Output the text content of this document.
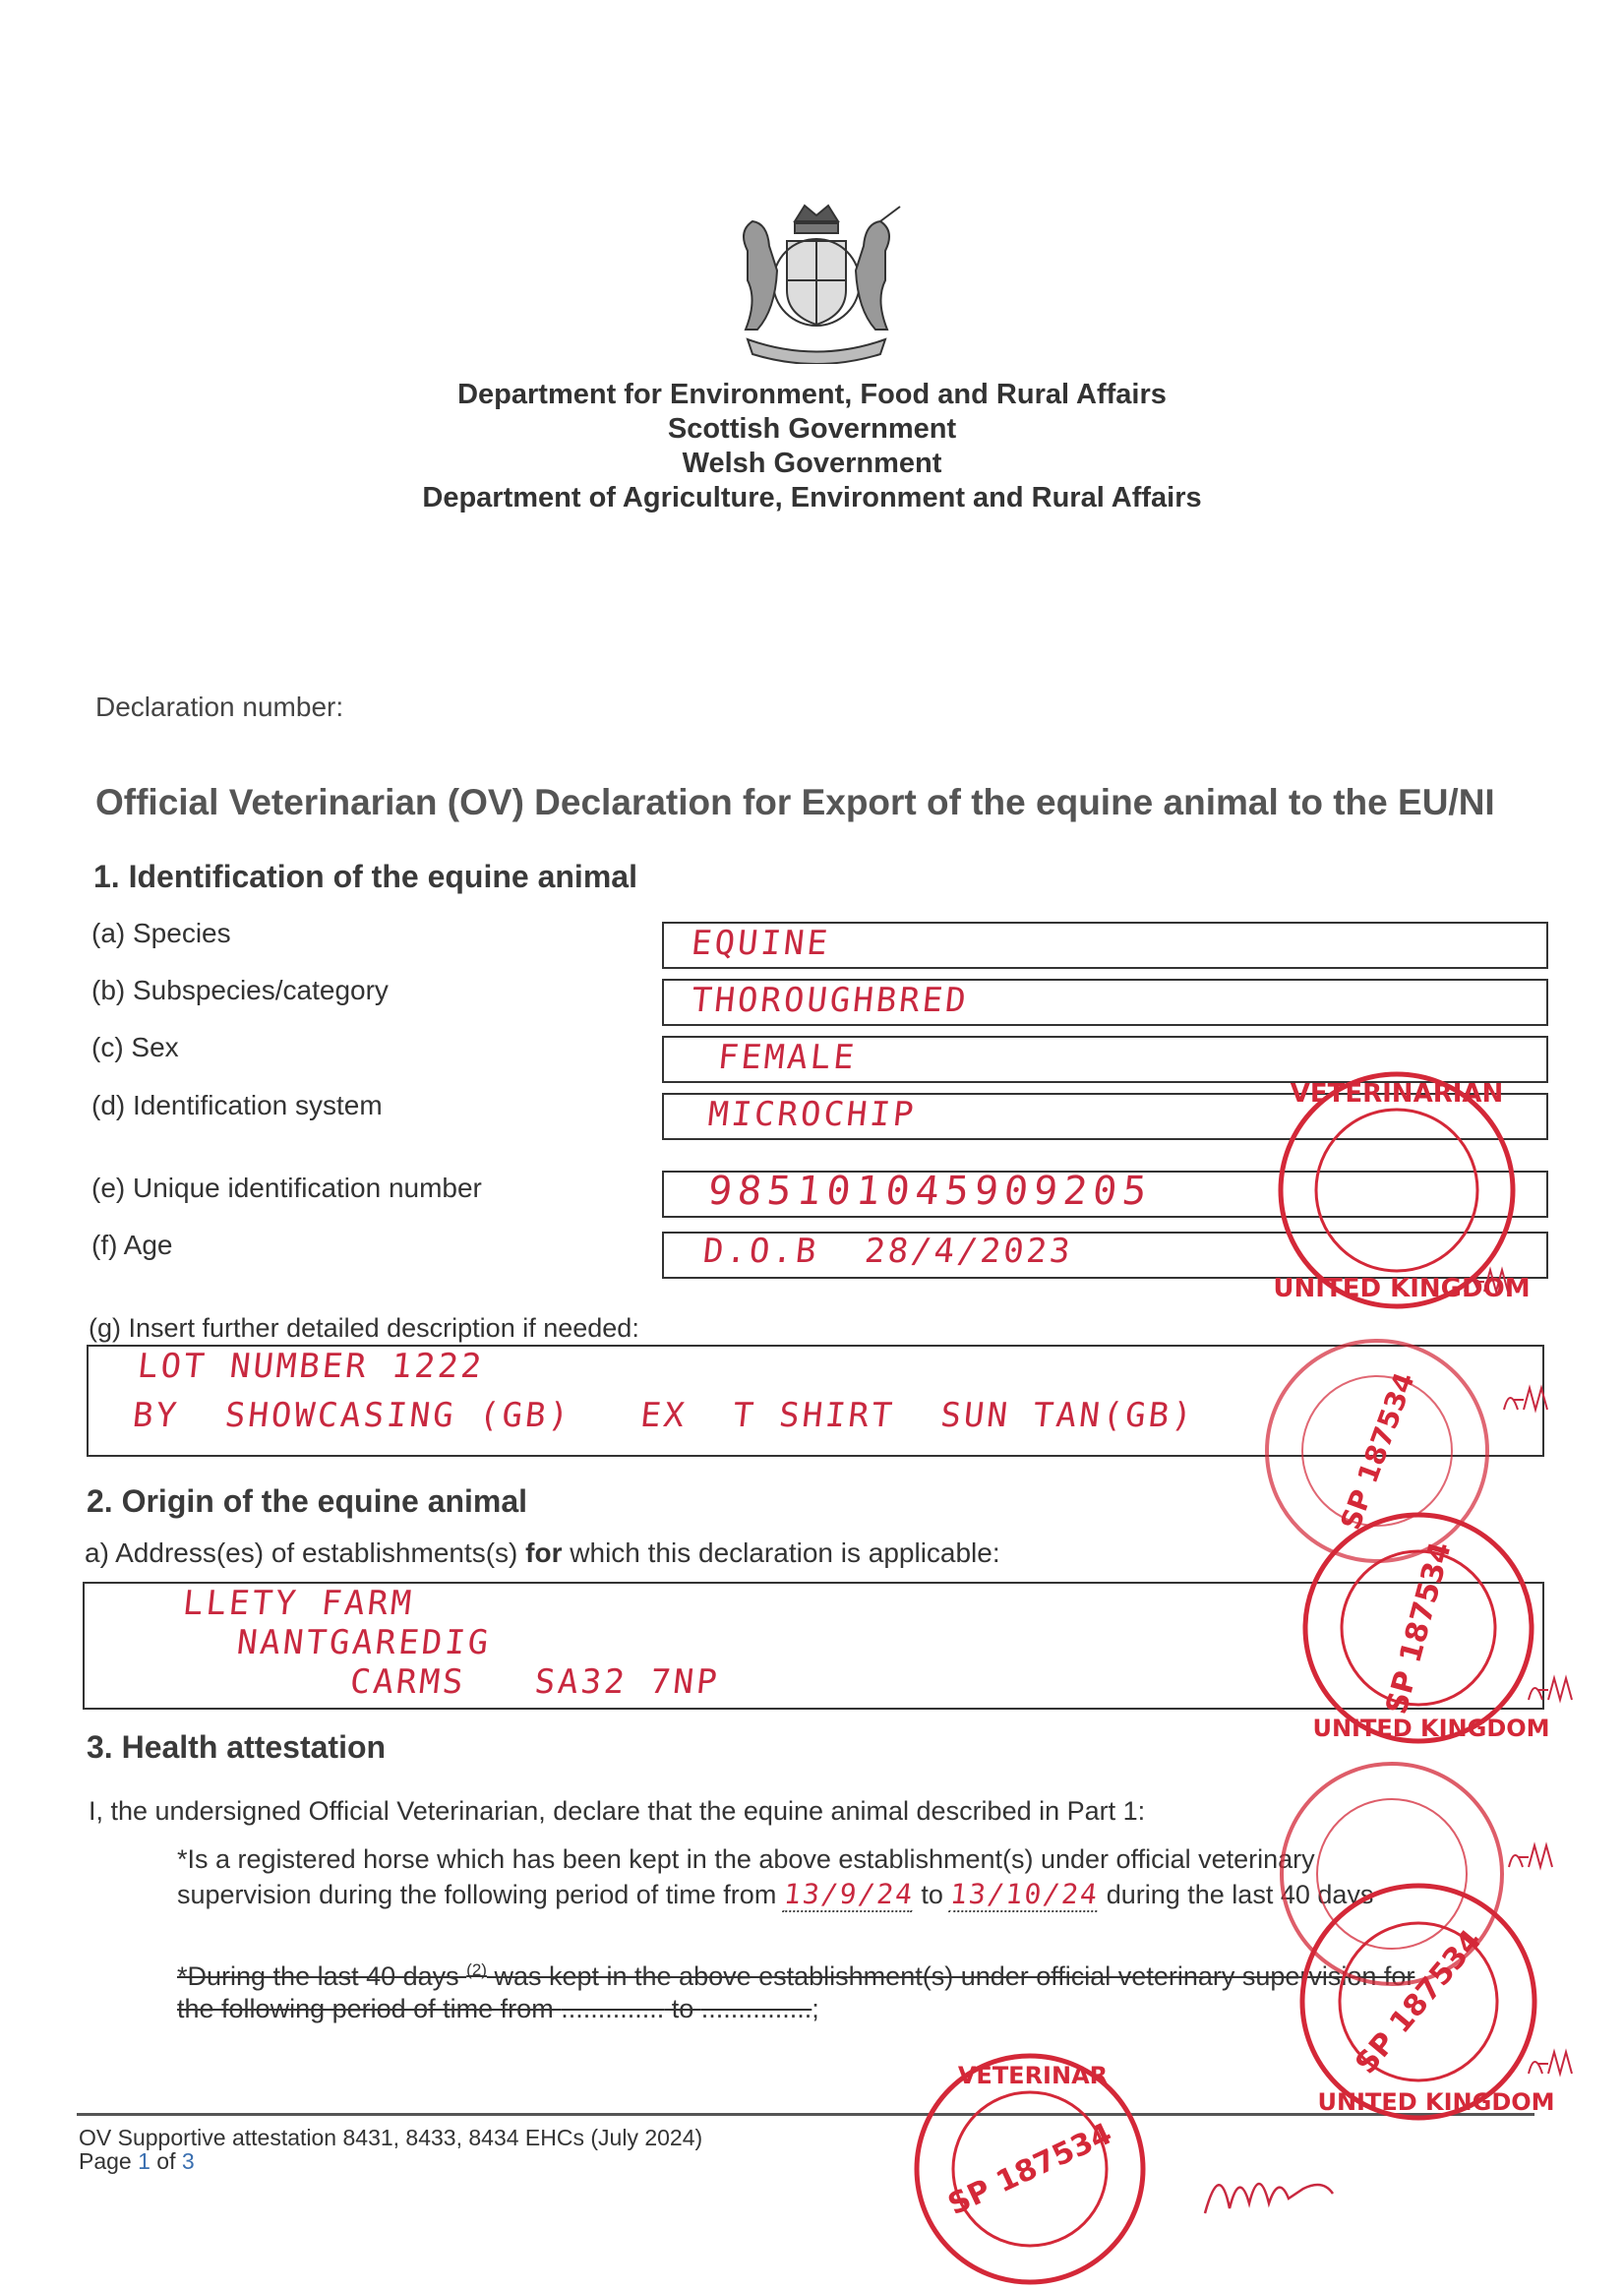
Department for Environment, Food and Rural Affairs
Scottish Government
Welsh Government
Department of Agriculture, Environment and Rural Affairs
Declaration number:
Official Veterinarian (OV) Declaration for Export of the equine animal to the EU/NI
1. Identification of the equine animal
(a) Species	EQUINE
(b) Subspecies/category	THOROUGHBRED
(c) Sex	FEMALE
(d) Identification system	MICROCHIP
(e) Unique identification number	985101045909205
(f) Age	D.O.B  28/4/2023
(g) Insert further detailed description if needed:
LOT NUMBER 1222
BY  SHOWCASING (GB)   EX  T SHIRT  SUN TAN(GB)
2. Origin of the equine animal
a) Address(es) of establishments(s) for which this declaration is applicable:
LLETY FARM
NANTGAREDIG
CARMS   SA32 7NP
3. Health attestation
I, the undersigned Official Veterinarian, declare that the equine animal described in Part 1:
*Is a registered horse which has been kept in the above establishment(s) under official veterinary
supervision during the following period of time from 13/9/24 to 13/10/24 during the last 40 days
*During the last 40 days $^{(2)}$ was kept in the above establishment(s) under official veterinary supervision for
the following period of time from .............. to ...............;
OV Supportive attestation 8431, 8433, 8434 EHCs (July 2024)
Page 1 of 3
VETERINARIAN
UNITED KINGDOM
SP 187534
SP 187534
UNITED KINGDOM
SP 187534
UNITED KINGDOM
SP 187534
VETERINAR
